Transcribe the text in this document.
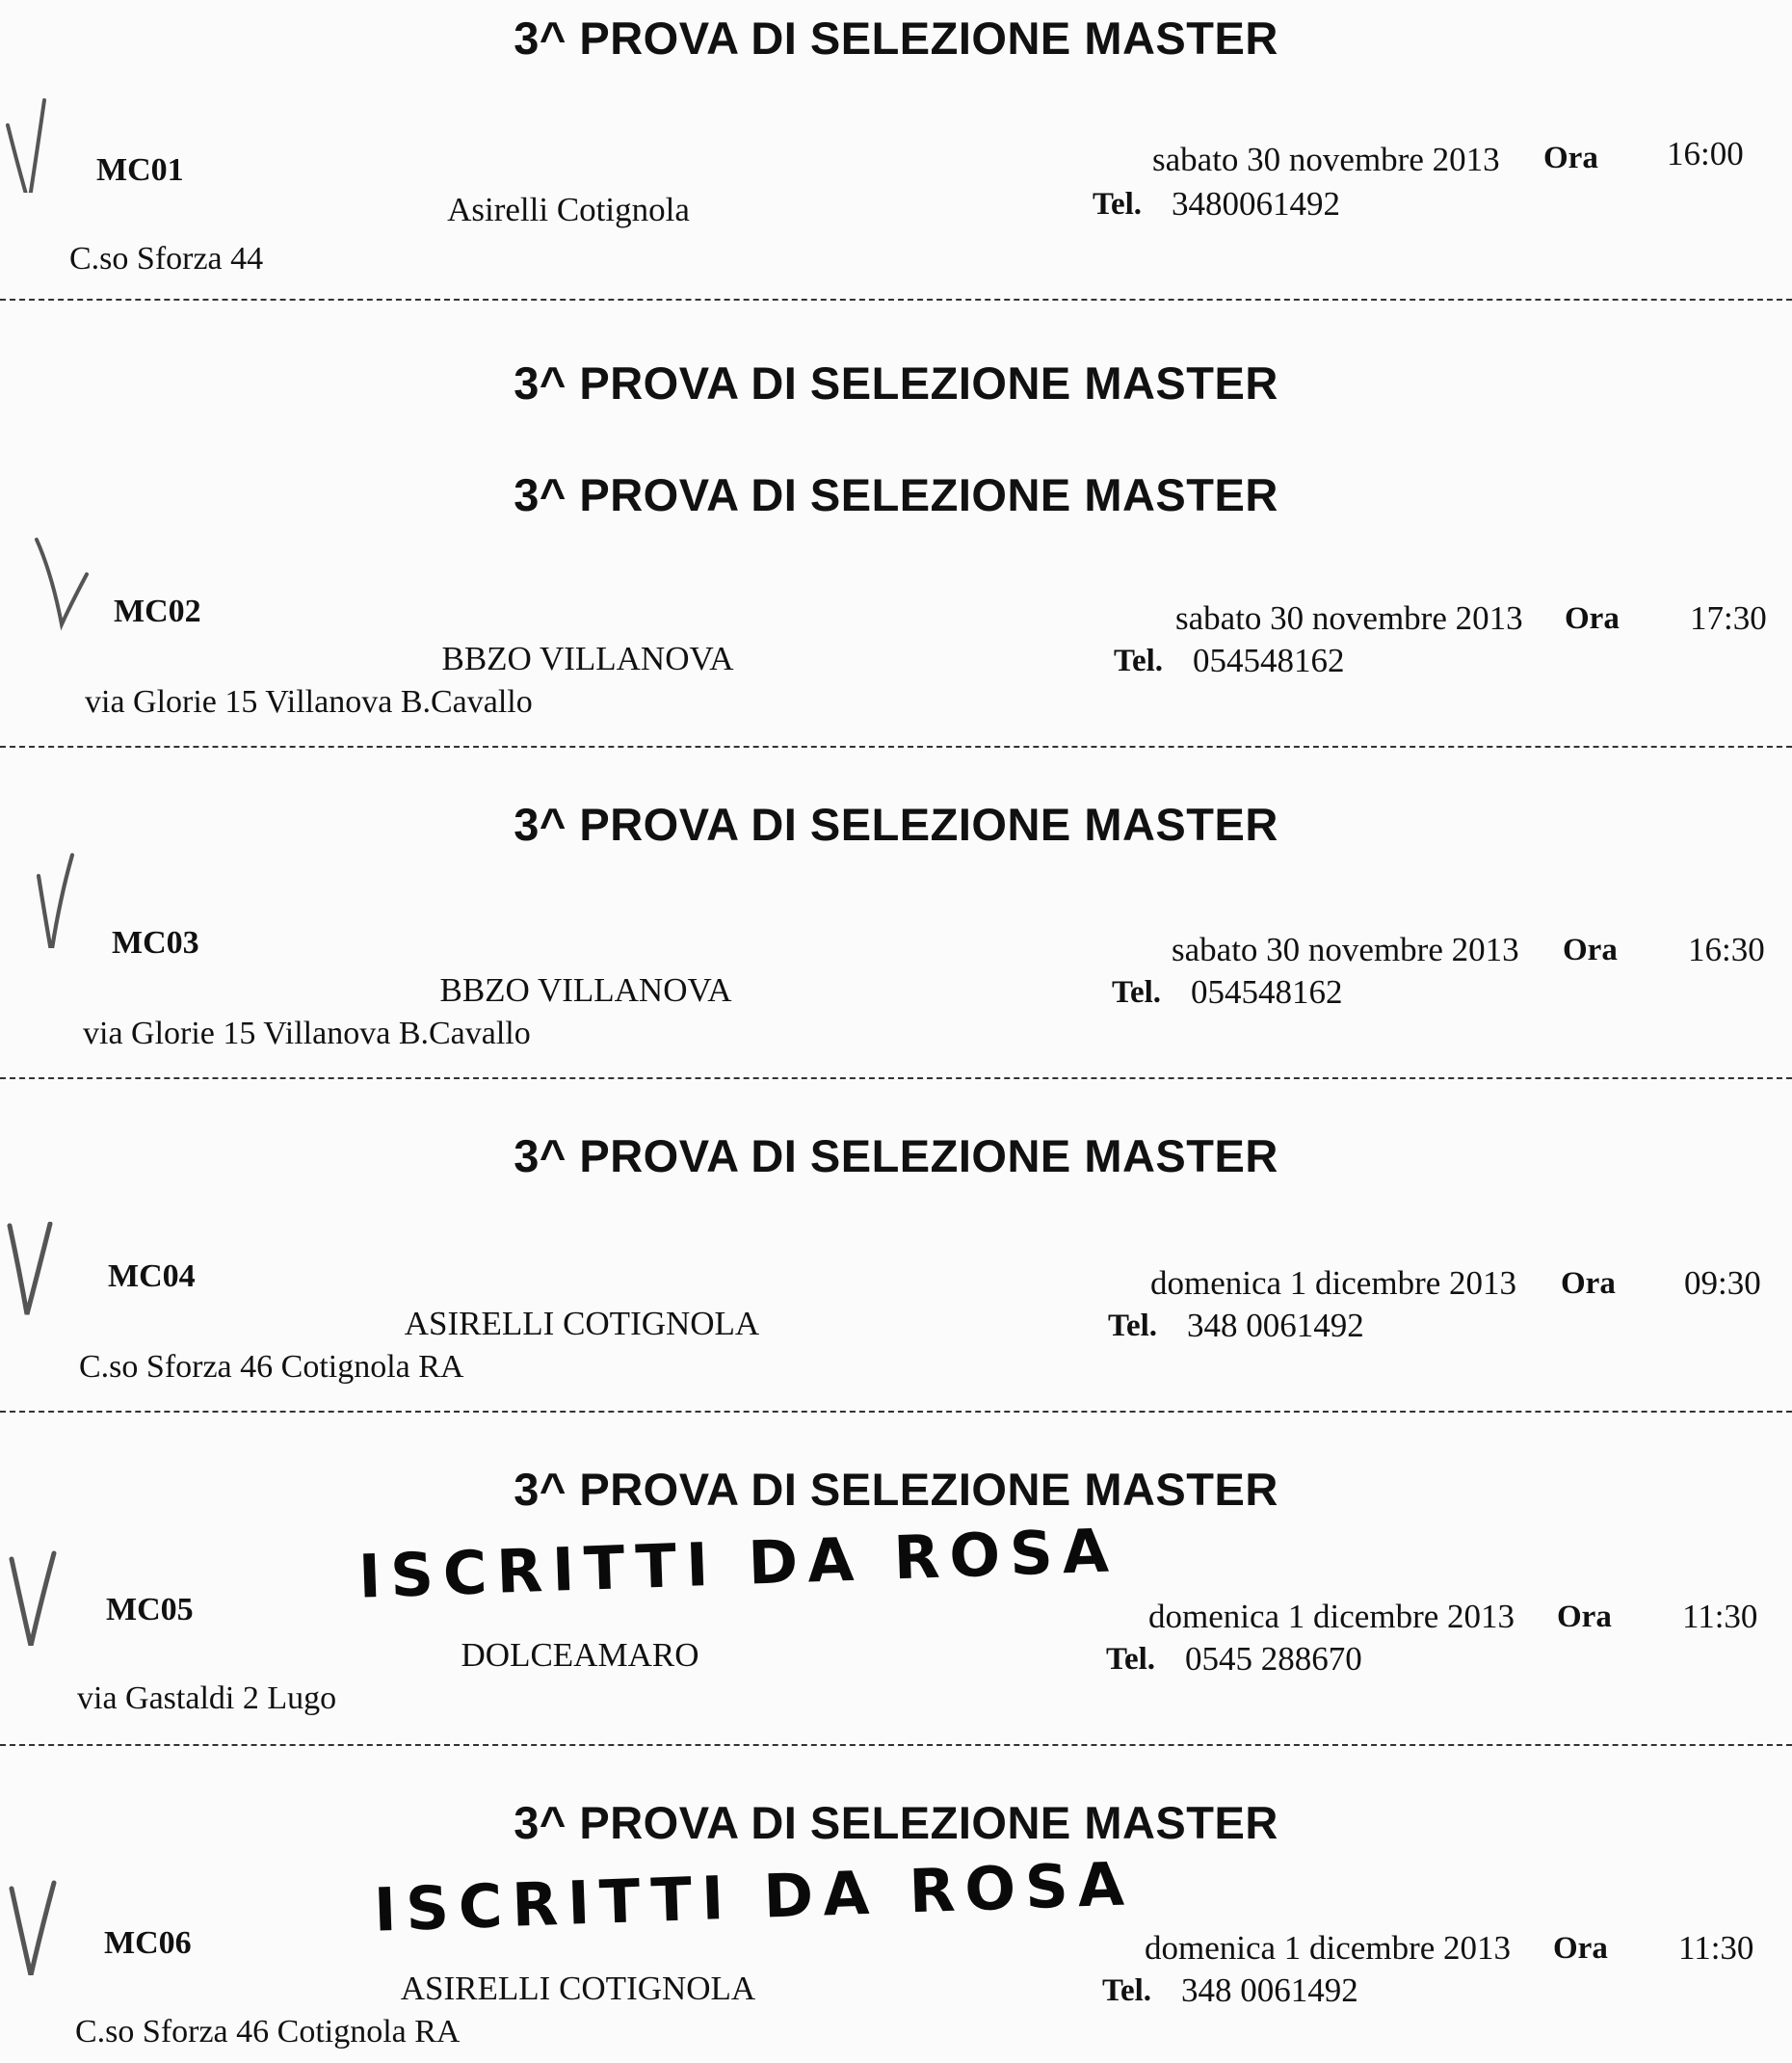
3^ PROVA DI SELEZIONE MASTER
MC01
Asirelli Cotignola
C.so Sforza 44
sabato 30 novembre 2013 Ora 16:00
Tel. 3480061492
3^ PROVA DI SELEZIONE MASTER
3^ PROVA DI SELEZIONE MASTER
MC02
BBZO VILLANOVA
via Glorie 15 Villanova B.Cavallo
sabato 30 novembre 2013 Ora 17:30
Tel. 054548162
3^ PROVA DI SELEZIONE MASTER
MC03
BBZO VILLANOVA
via Glorie 15 Villanova B.Cavallo
sabato 30 novembre 2013 Ora 16:30
Tel. 054548162
3^ PROVA DI SELEZIONE MASTER
MC04
ASIRELLI COTIGNOLA
C.so Sforza 46 Cotignola RA
domenica 1 dicembre 2013 Ora 09:30
Tel. 348 0061492
3^ PROVA DI SELEZIONE MASTER
ISCRITTI DA ROSA
MC05
DOLCEAMARO
via Gastaldi 2 Lugo
domenica 1 dicembre 2013 Ora 11:30
Tel. 0545 288670
3^ PROVA DI SELEZIONE MASTER
ISCRITTI DA ROSA
MC06
ASIRELLI COTIGNOLA
C.so Sforza 46 Cotignola RA
domenica 1 dicembre 2013 Ora 11:30
Tel. 348 0061492
